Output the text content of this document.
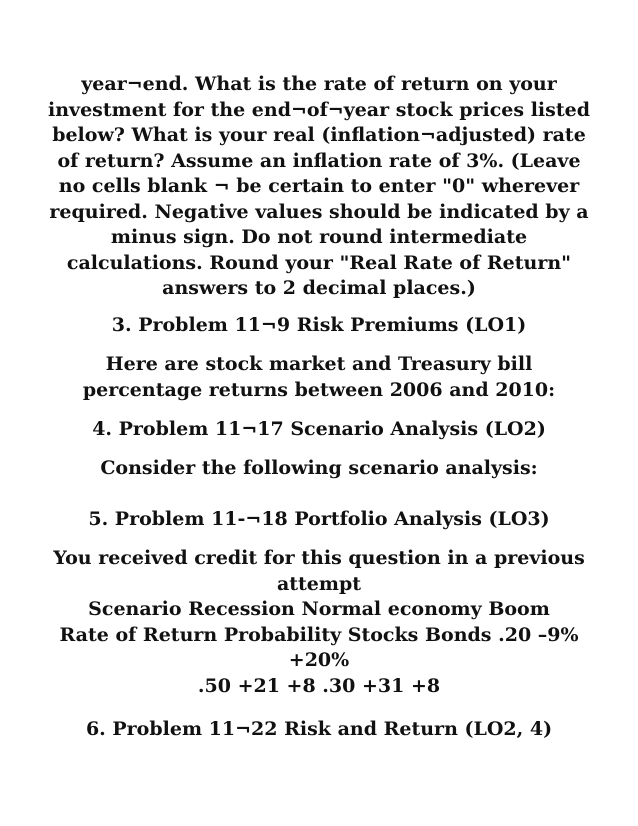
year¬end. What is the rate of return on your
investment for the end¬of¬year stock prices listed
below? What is your real (inflation¬adjusted) rate
of return? Assume an inflation rate of 3%. (Leave
no cells blank ¬ be certain to enter "0" wherever
required. Negative values should be indicated by a
minus sign. Do not round intermediate
calculations. Round your "Real Rate of Return"
answers to 2 decimal places.)
3. Problem 11¬9 Risk Premiums (LO1)
Here are stock market and Treasury bill
percentage returns between 2006 and 2010:
4. Problem 11¬17 Scenario Analysis (LO2)
Consider the following scenario analysis:
5. Problem 11-¬18 Portfolio Analysis (LO3)
You received credit for this question in a previous
attempt
Scenario Recession Normal economy Boom
Rate of Return Probability Stocks Bonds .20 –9%
+20%
.50 +21 +8 .30 +31 +8
6. Problem 11¬22 Risk and Return (LO2, 4)
